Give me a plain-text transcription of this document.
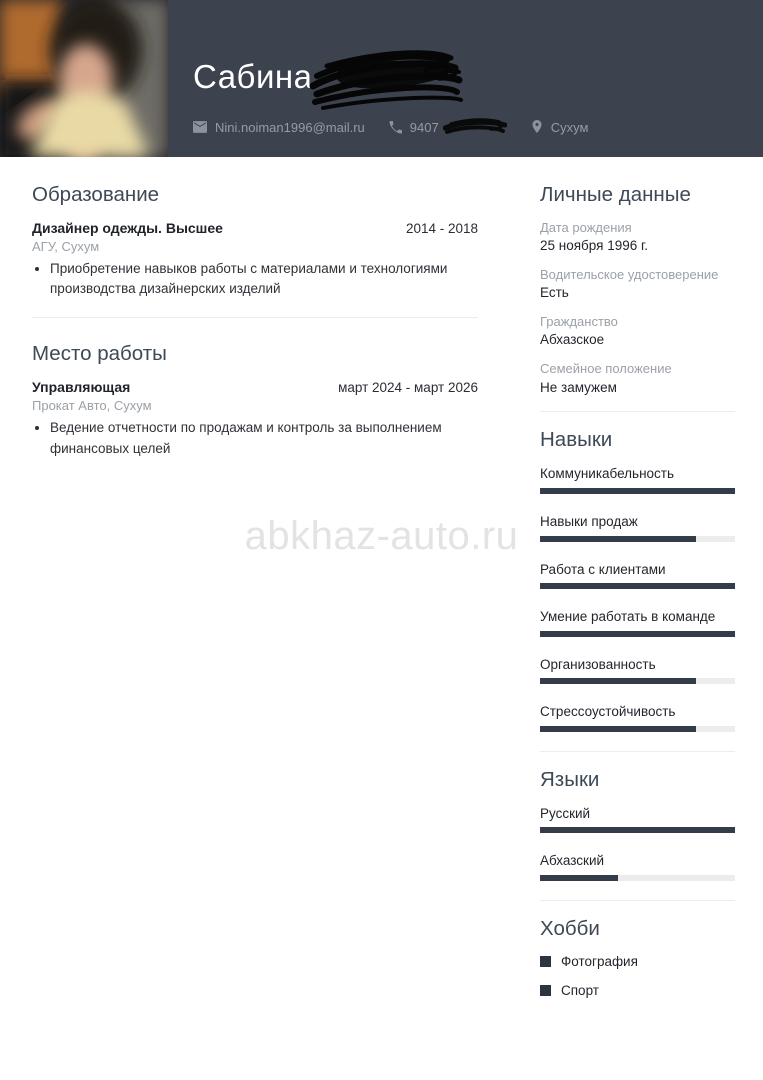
Сабина
Nini.noiman1996@mail.ru	9407	Сухум
Образование
Дизайнер одежды. Высшее	2014 - 2018
АГУ, Сухум
• Приобретение навыков работы с материалами и технологиями производства дизайнерских изделий
Место работы
Управляющая	март 2024 - март 2026
Прокат Авто, Сухум
• Ведение отчетности по продажам и контроль за выполнением финансовых целей
Личные данные
Дата рождения
25 ноября 1996 г.
Водительское удостоверение
Есть
Гражданство
Абхазское
Семейное положение
Не замужем
Навыки
Коммуникабельность
Навыки продаж
Работа с клиентами
Умение работать в команде
Организованность
Стрессоустойчивость
Языки
Русский
Абхазский
Хобби
Фотография
Спорт
abkhaz-auto.ru
